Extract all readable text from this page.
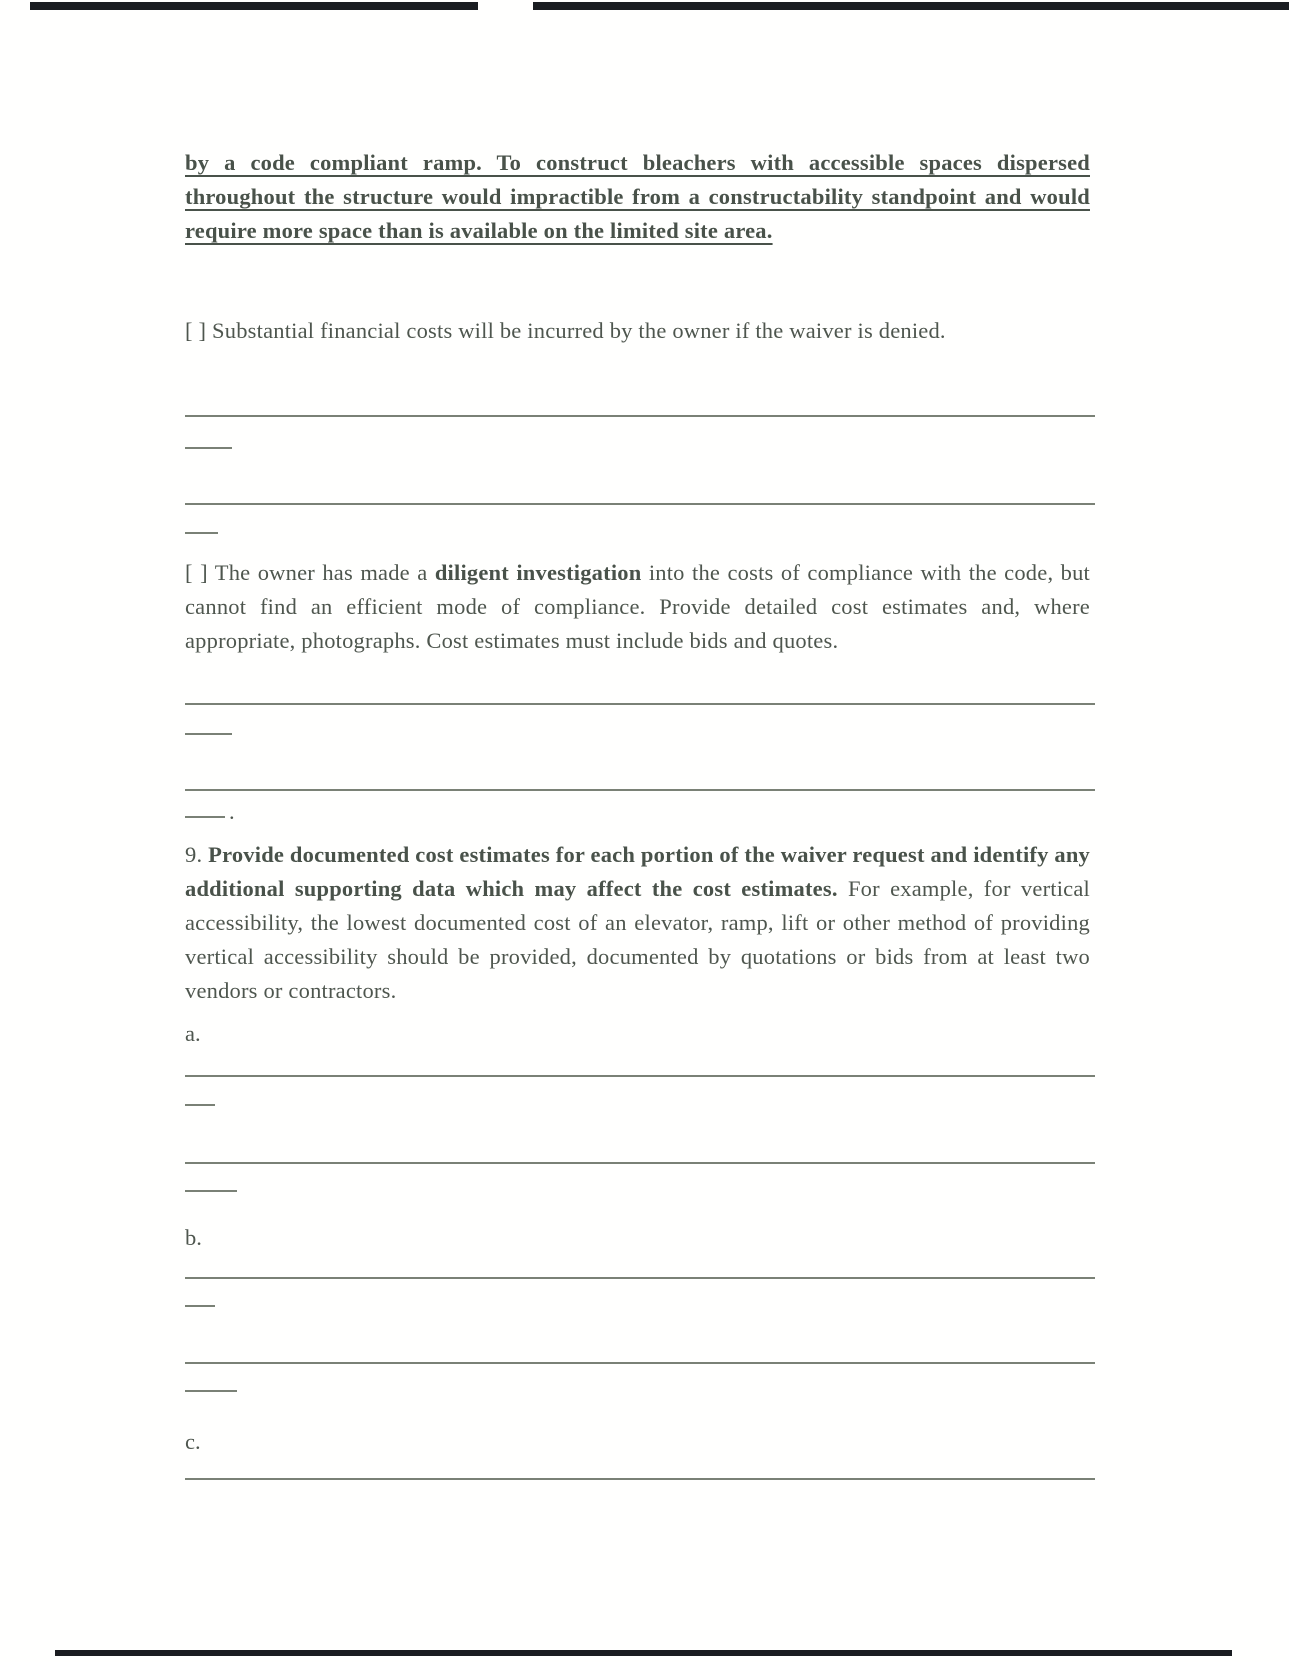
by a code compliant ramp. To construct bleachers with accessible spaces dispersed throughout the structure would impractible from a constructability standpoint and would require more space than is available on the limited site area.
[ ] Substantial financial costs will be incurred by the owner if the waiver is denied.
[ ] The owner has made a diligent investigation into the costs of compliance with the code, but cannot find an efficient mode of compliance. Provide detailed cost estimates and, where appropriate, photographs. Cost estimates must include bids and quotes.
.
9. Provide documented cost estimates for each portion of the waiver request and identify any additional supporting data which may affect the cost estimates. For example, for vertical accessibility, the lowest documented cost of an elevator, ramp, lift or other method of providing vertical accessibility should be provided, documented by quotations or bids from at least two vendors or contractors.
a.
b.
c.
